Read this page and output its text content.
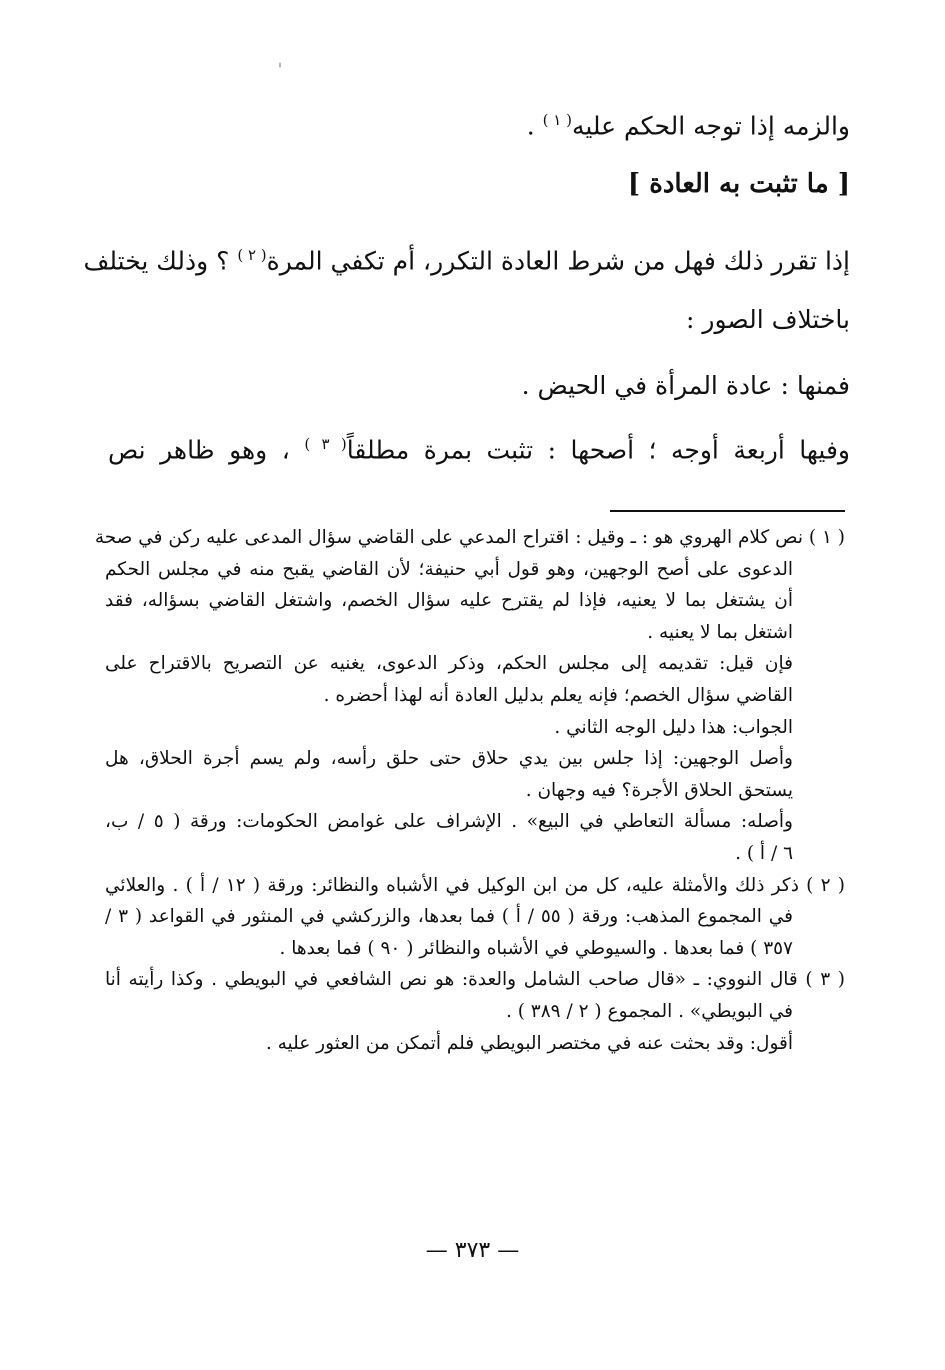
والزمه إذا توجه الحكم عليه$^{( ١ )}$ .
[ ما تثبت به العادة ]
إذا تقرر ذلك فهل من شرط العادة التكرر، أم تكفي المرة$^{( ٢ )}$ ؟ وذلك يختلف
باختلاف الصور :
فمنها : عادة المرأة في الحيض .
وفيها أربعة أوجه ؛ أصحها : تثبت بمرة مطلقاً$^{( ٣ )}$ ، وهو ظاهر نص
( ١ ) نص كلام الهروي هو : ـ وقيل : اقتراح المدعي على القاضي سؤال المدعى عليه ركن في صحة
الدعوى على أصح الوجهين، وهو قول أبي حنيفة؛ لأن القاضي يقبح منه في مجلس الحكم
أن يشتغل بما لا يعنيه، فإذا لم يقترح عليه سؤال الخصم، واشتغل القاضي بسؤاله، فقد
اشتغل بما لا يعنيه .
فإن قيل: تقديمه إلى مجلس الحكم، وذكر الدعوى، يغنيه عن التصريح بالاقتراح على
القاضي سؤال الخصم؛ فإنه يعلم بدليل العادة أنه لهذا أحضره .
الجواب: هذا دليل الوجه الثاني .
وأصل الوجهين: إذا جلس بين يدي حلاق حتى حلق رأسه، ولم يسم أجرة الحلاق، هل
يستحق الحلاق الأجرة؟ فيه وجهان .
وأصله: مسألة التعاطي في البيع» . الإشراف على غوامض الحكومات: ورقة ( ٥ / ب،
٦ / أ ) .
( ٢ ) ذكر ذلك والأمثلة عليه، كل من ابن الوكيل في الأشباه والنظائر: ورقة ( ١٢ / أ ) . والعلائي
في المجموع المذهب: ورقة ( ٥٥ / أ ) فما بعدها، والزركشي في المنثور في القواعد ( ٣ /
٣٥٧ ) فما بعدها . والسيوطي في الأشباه والنظائر ( ٩٠ ) فما بعدها .
( ٣ ) قال النووي: ـ «قال صاحب الشامل والعدة: هو نص الشافعي في البويطي . وكذا رأيته أنا
في البويطي» . المجموع ( ٢ / ٣٨٩ ) .
أقول: وقد بحثت عنه في مختصر البويطي فلم أتمكن من العثور عليه .
— ٣٧٣ —
